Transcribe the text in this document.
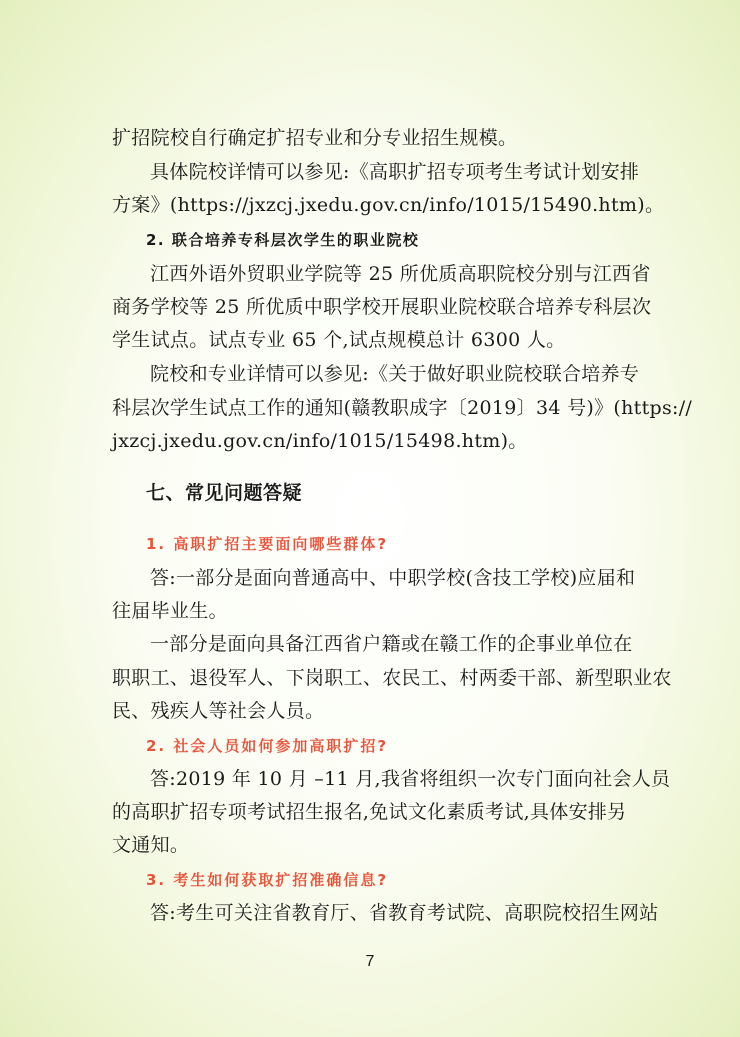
扩招院校自行确定扩招专业和分专业招生规模。
具体院校详情可以参见:《高职扩招专项考生考试计划安排
方案》(https://jxzcj.jxedu.gov.cn/info/1015/15490.htm)。
2. 联合培养专科层次学生的职业院校
江西外语外贸职业学院等 25 所优质高职院校分别与江西省
商务学校等 25 所优质中职学校开展职业院校联合培养专科层次
学生试点。试点专业 65 个,试点规模总计 6300 人。
院校和专业详情可以参见:《关于做好职业院校联合培养专
科层次学生试点工作的通知(赣教职成字〔2019〕34 号)》(https://
jxzcj.jxedu.gov.cn/info/1015/15498.htm)。
七、常见问题答疑
1. 高职扩招主要面向哪些群体?
答:一部分是面向普通高中、中职学校(含技工学校)应届和
往届毕业生。
一部分是面向具备江西省户籍或在赣工作的企事业单位在
职职工、退役军人、下岗职工、农民工、村两委干部、新型职业农
民、残疾人等社会人员。
2. 社会人员如何参加高职扩招?
答:2019 年 10 月 –11 月,我省将组织一次专门面向社会人员
的高职扩招专项考试招生报名,免试文化素质考试,具体安排另
文通知。
3. 考生如何获取扩招准确信息?
答:考生可关注省教育厅、省教育考试院、高职院校招生网站
7
